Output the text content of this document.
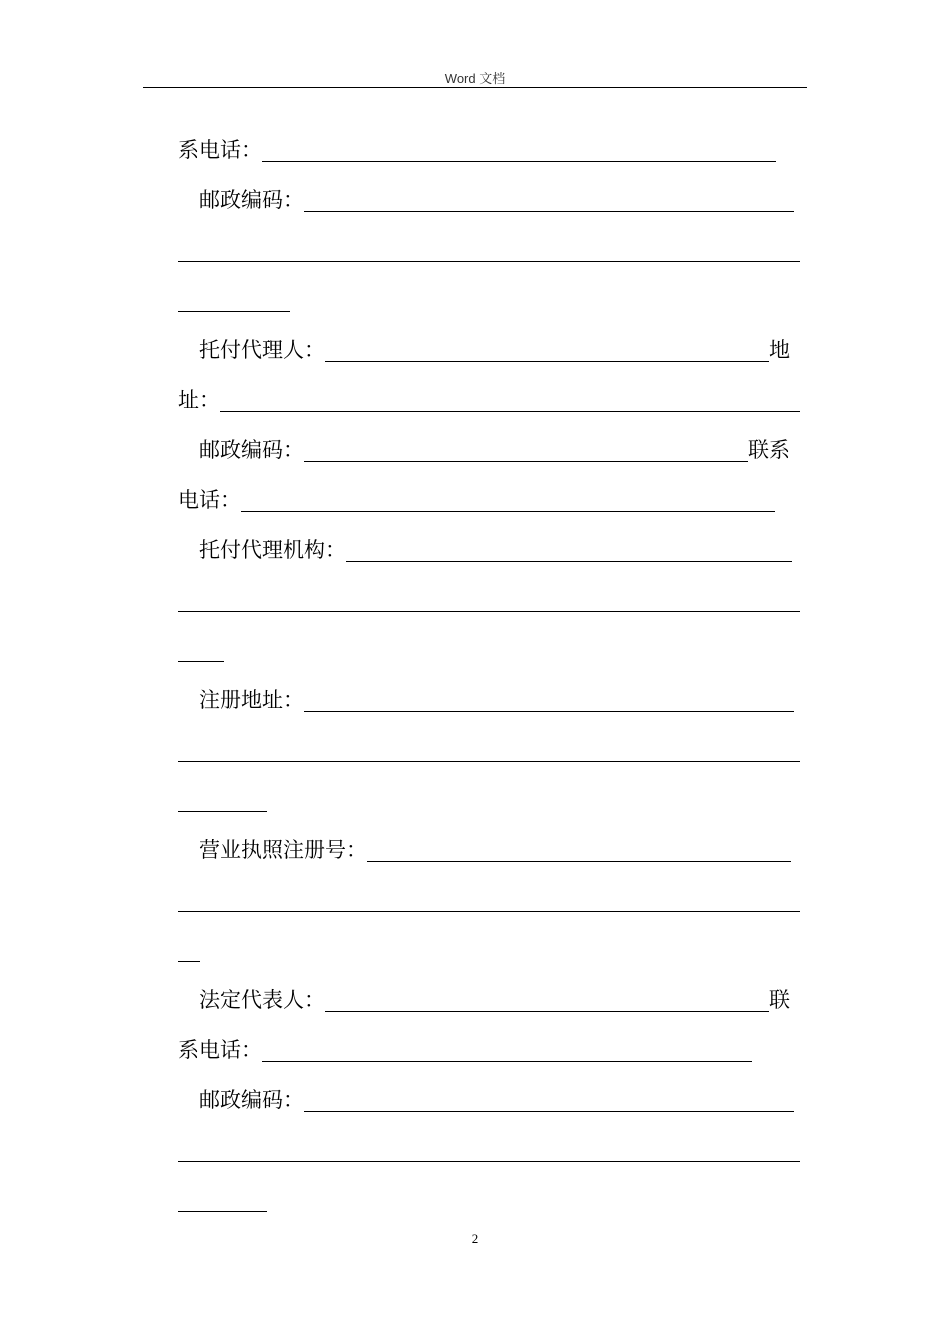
Word 文档
系电话：
邮政编码：
托付代理人：	地
址：
邮政编码：	联系
电话：
托付代理机构：
注册地址：
营业执照注册号：
法定代表人：	联
系电话：
邮政编码：
2
